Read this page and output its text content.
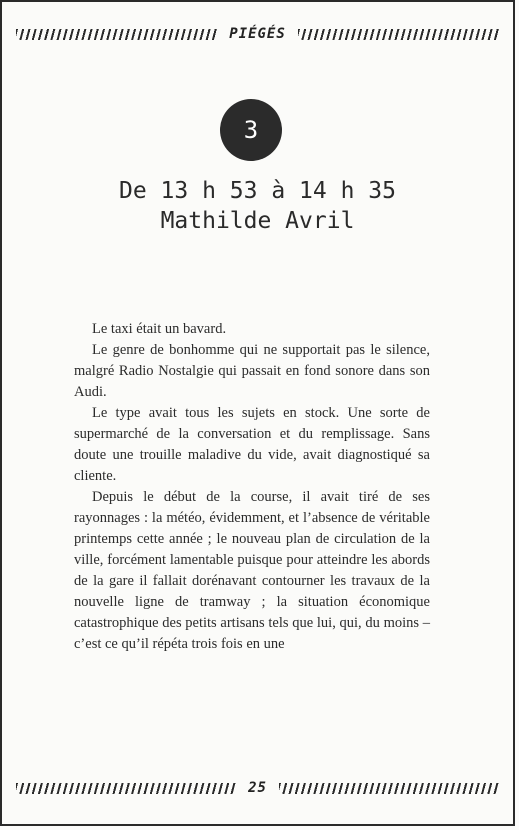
PIÉGÉS
3
De 13 h 53 à 14 h 35
Mathilde Avril

Le taxi était un bavard.

Le genre de bonhomme qui ne supportait pas le silence, malgré Radio Nostalgie qui passait en fond sonore dans son Audi.

Le type avait tous les sujets en stock. Une sorte de supermarché de la conversation et du remplissage. Sans doute une trouille maladive du vide, avait diagnostiqué sa cliente.

Depuis le début de la course, il avait tiré de ses rayonnages : la météo, évidemment, et l’absence de véritable printemps cette année ; le nouveau plan de circulation de la ville, forcément lamentable puisque pour atteindre les abords de la gare il fallait dorénavant contourner les travaux de la nouvelle ligne de tramway ; la situation économique catastrophique des petits artisans tels que lui, qui, du moins – c’est ce qu’il répéta trois fois en une

25
